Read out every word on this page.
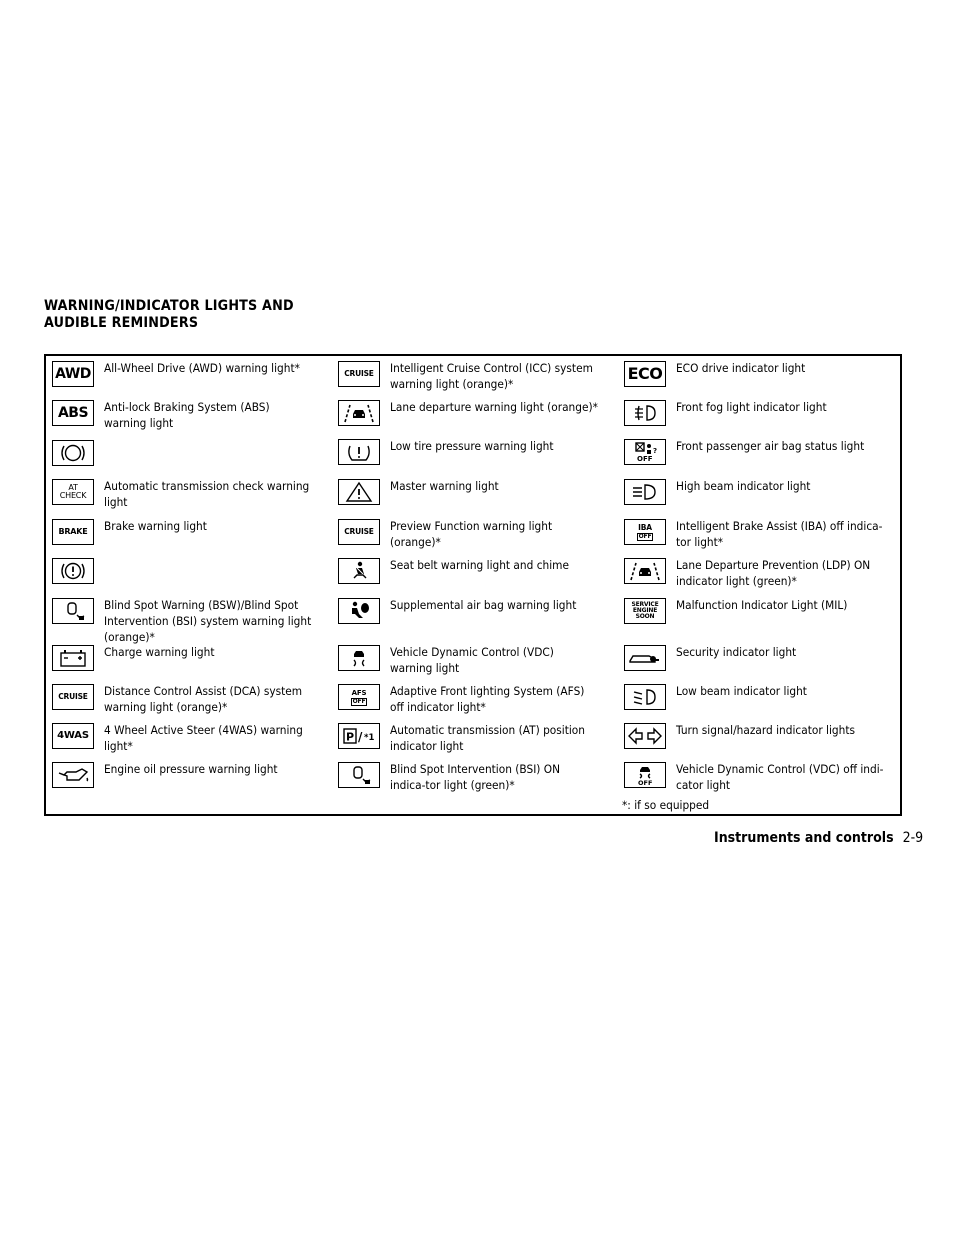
WARNING/INDICATOR LIGHTS AND
AUDIBLE REMINDERS
AWD All-Wheel Drive (AWD) warning light*
ABS Anti-lock Braking System (ABS) warning light
AT
CHECK
Automatic transmission check warning light
BRAKE Brake warning light
Blind Spot Warning (BSW)/Blind Spot Intervention (BSI) system warning light (orange)*
Charge warning light
CRUISE Distance Control Assist (DCA) system warning light (orange)*
4WAS 4 Wheel Active Steer (4WAS) warning light*
Engine oil pressure warning light
CRUISE Intelligent Cruise Control (ICC) system warning light (orange)*
Lane departure warning light (orange)*
Low tire pressure warning light
Master warning light
CRUISE Preview Function warning light (orange)*
Seat belt warning light and chime
Supplemental air bag warning light
Vehicle Dynamic Control (VDC) warning light
AFS
OFF
Adaptive Front lighting System (AFS) off indicator light*
P / *1
Automatic transmission (AT) position indicator light
Blind Spot Intervention (BSI) ON indica-tor light (green)*
ECO ECO drive indicator light
Front fog light indicator light
?
OFF
Front passenger air bag status light
High beam indicator light
IBA
OFF
Intelligent Brake Assist (IBA) off indica-tor light*
Lane Departure Prevention (LDP) ON indicator light (green)*
SERVICE
ENGINE
SOON
Malfunction Indicator Light (MIL)
Security indicator light
Low beam indicator light
Turn signal/hazard indicator lights
OFF
Vehicle Dynamic Control (VDC) off indi-cator light
*: if so equipped
Instruments and controls 2-9
